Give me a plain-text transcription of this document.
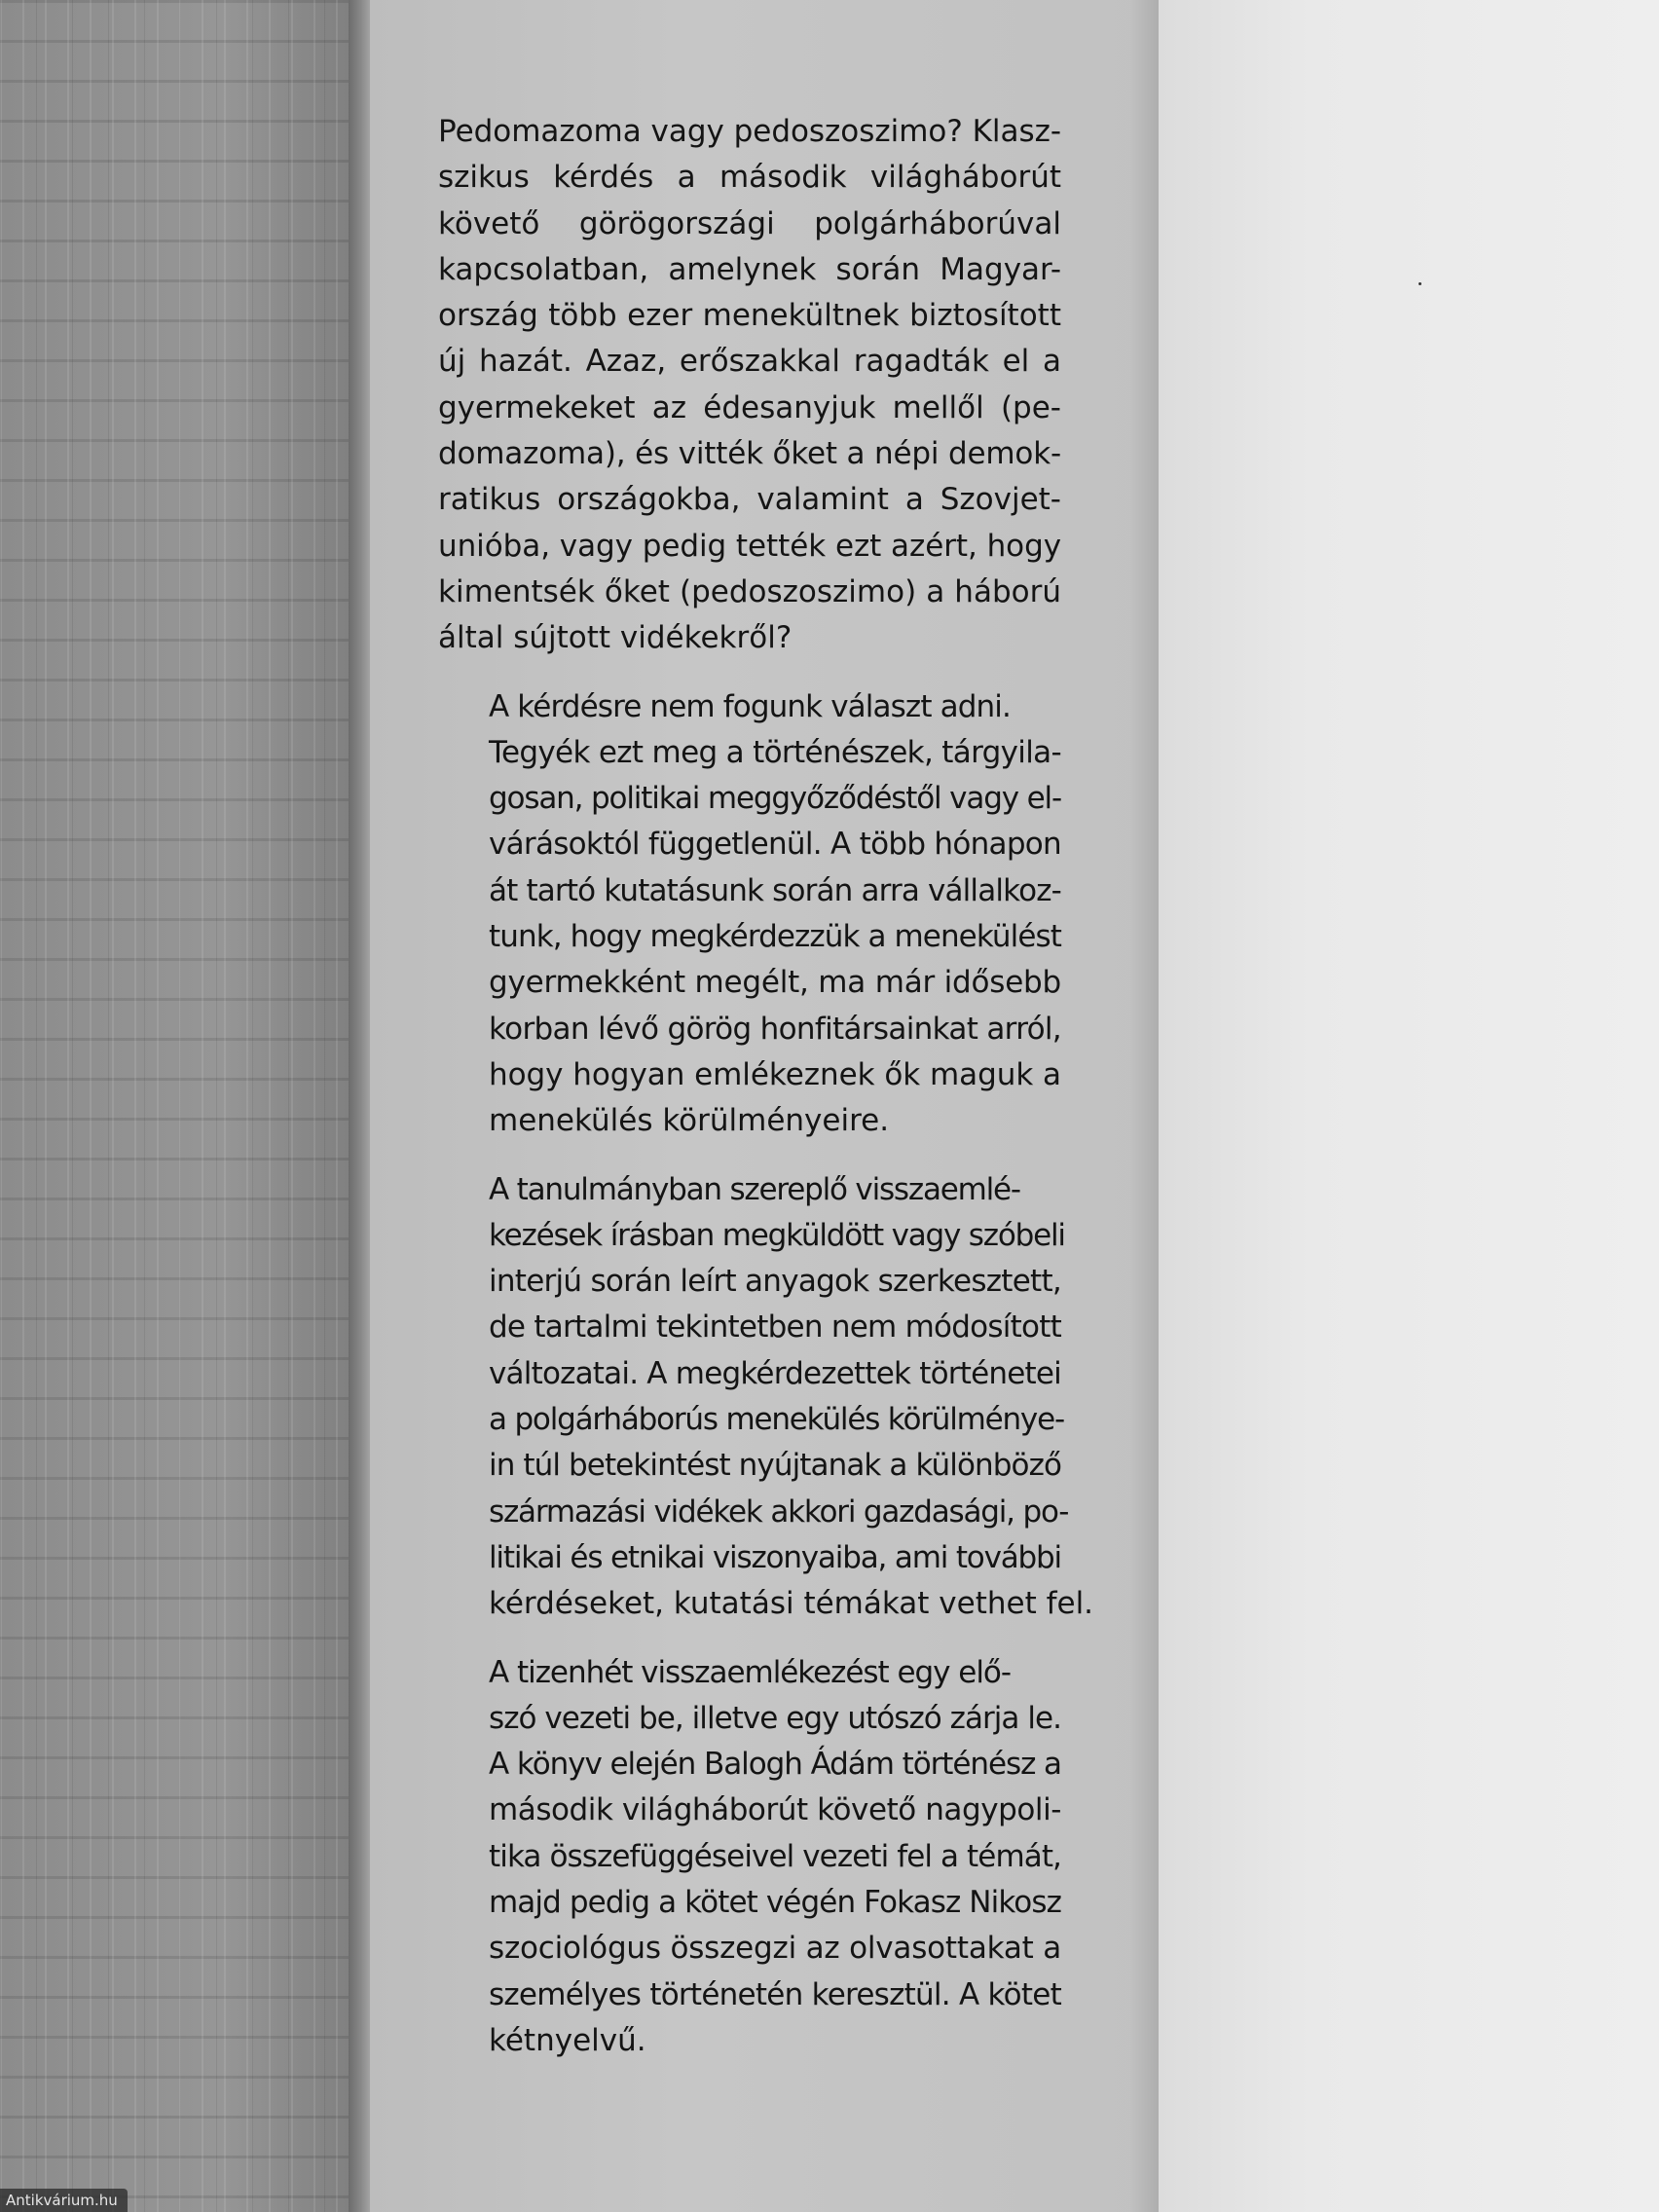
Pedomazoma vagy pedoszoszimo? Klasz-
szikus kérdés a második világháborút
követő görögországi polgárháborúval
kapcsolatban, amelynek során Magyar-
ország több ezer menekültnek biztosított
új hazát. Azaz, erőszakkal ragadták el a
gyermekeket az édesanyjuk mellől (pe-
domazoma), és vitték őket a népi demok-
ratikus országokba, valamint a Szovjet-
unióba, vagy pedig tették ezt azért, hogy
kimentsék őket (pedoszoszimo) a háború
által sújtott vidékekről?

A kérdésre nem fogunk választ adni.
Tegyék ezt meg a történészek, tárgyila-
gosan, politikai meggyőződéstől vagy el-
várásoktól függetlenül. A több hónapon
át tartó kutatásunk során arra vállalkoz-
tunk, hogy megkérdezzük a menekülést
gyermekként megélt, ma már idősebb
korban lévő görög honfitársainkat arról,
hogy hogyan emlékeznek ők maguk a
menekülés körülményeire.

A tanulmányban szereplő visszaemlé-
kezések írásban megküldött vagy szóbeli
interjú során leírt anyagok szerkesztett,
de tartalmi tekintetben nem módosított
változatai. A megkérdezettek történetei
a polgárháborús menekülés körülménye-
in túl betekintést nyújtanak a különböző
származási vidékek akkori gazdasági, po-
litikai és etnikai viszonyaiba, ami további
kérdéseket, kutatási témákat vethet fel.

A tizenhét visszaemlékezést egy elő-
szó vezeti be, illetve egy utószó zárja le.
A könyv elején Balogh Ádám történész a
második világháborút követő nagypoli-
tika összefüggéseivel vezeti fel a témát,
majd pedig a kötet végén Fokasz Nikosz
szociológus összegzi az olvasottakat a
személyes történetén keresztül. A kötet
kétnyelvű.

Antikvárium.hu
